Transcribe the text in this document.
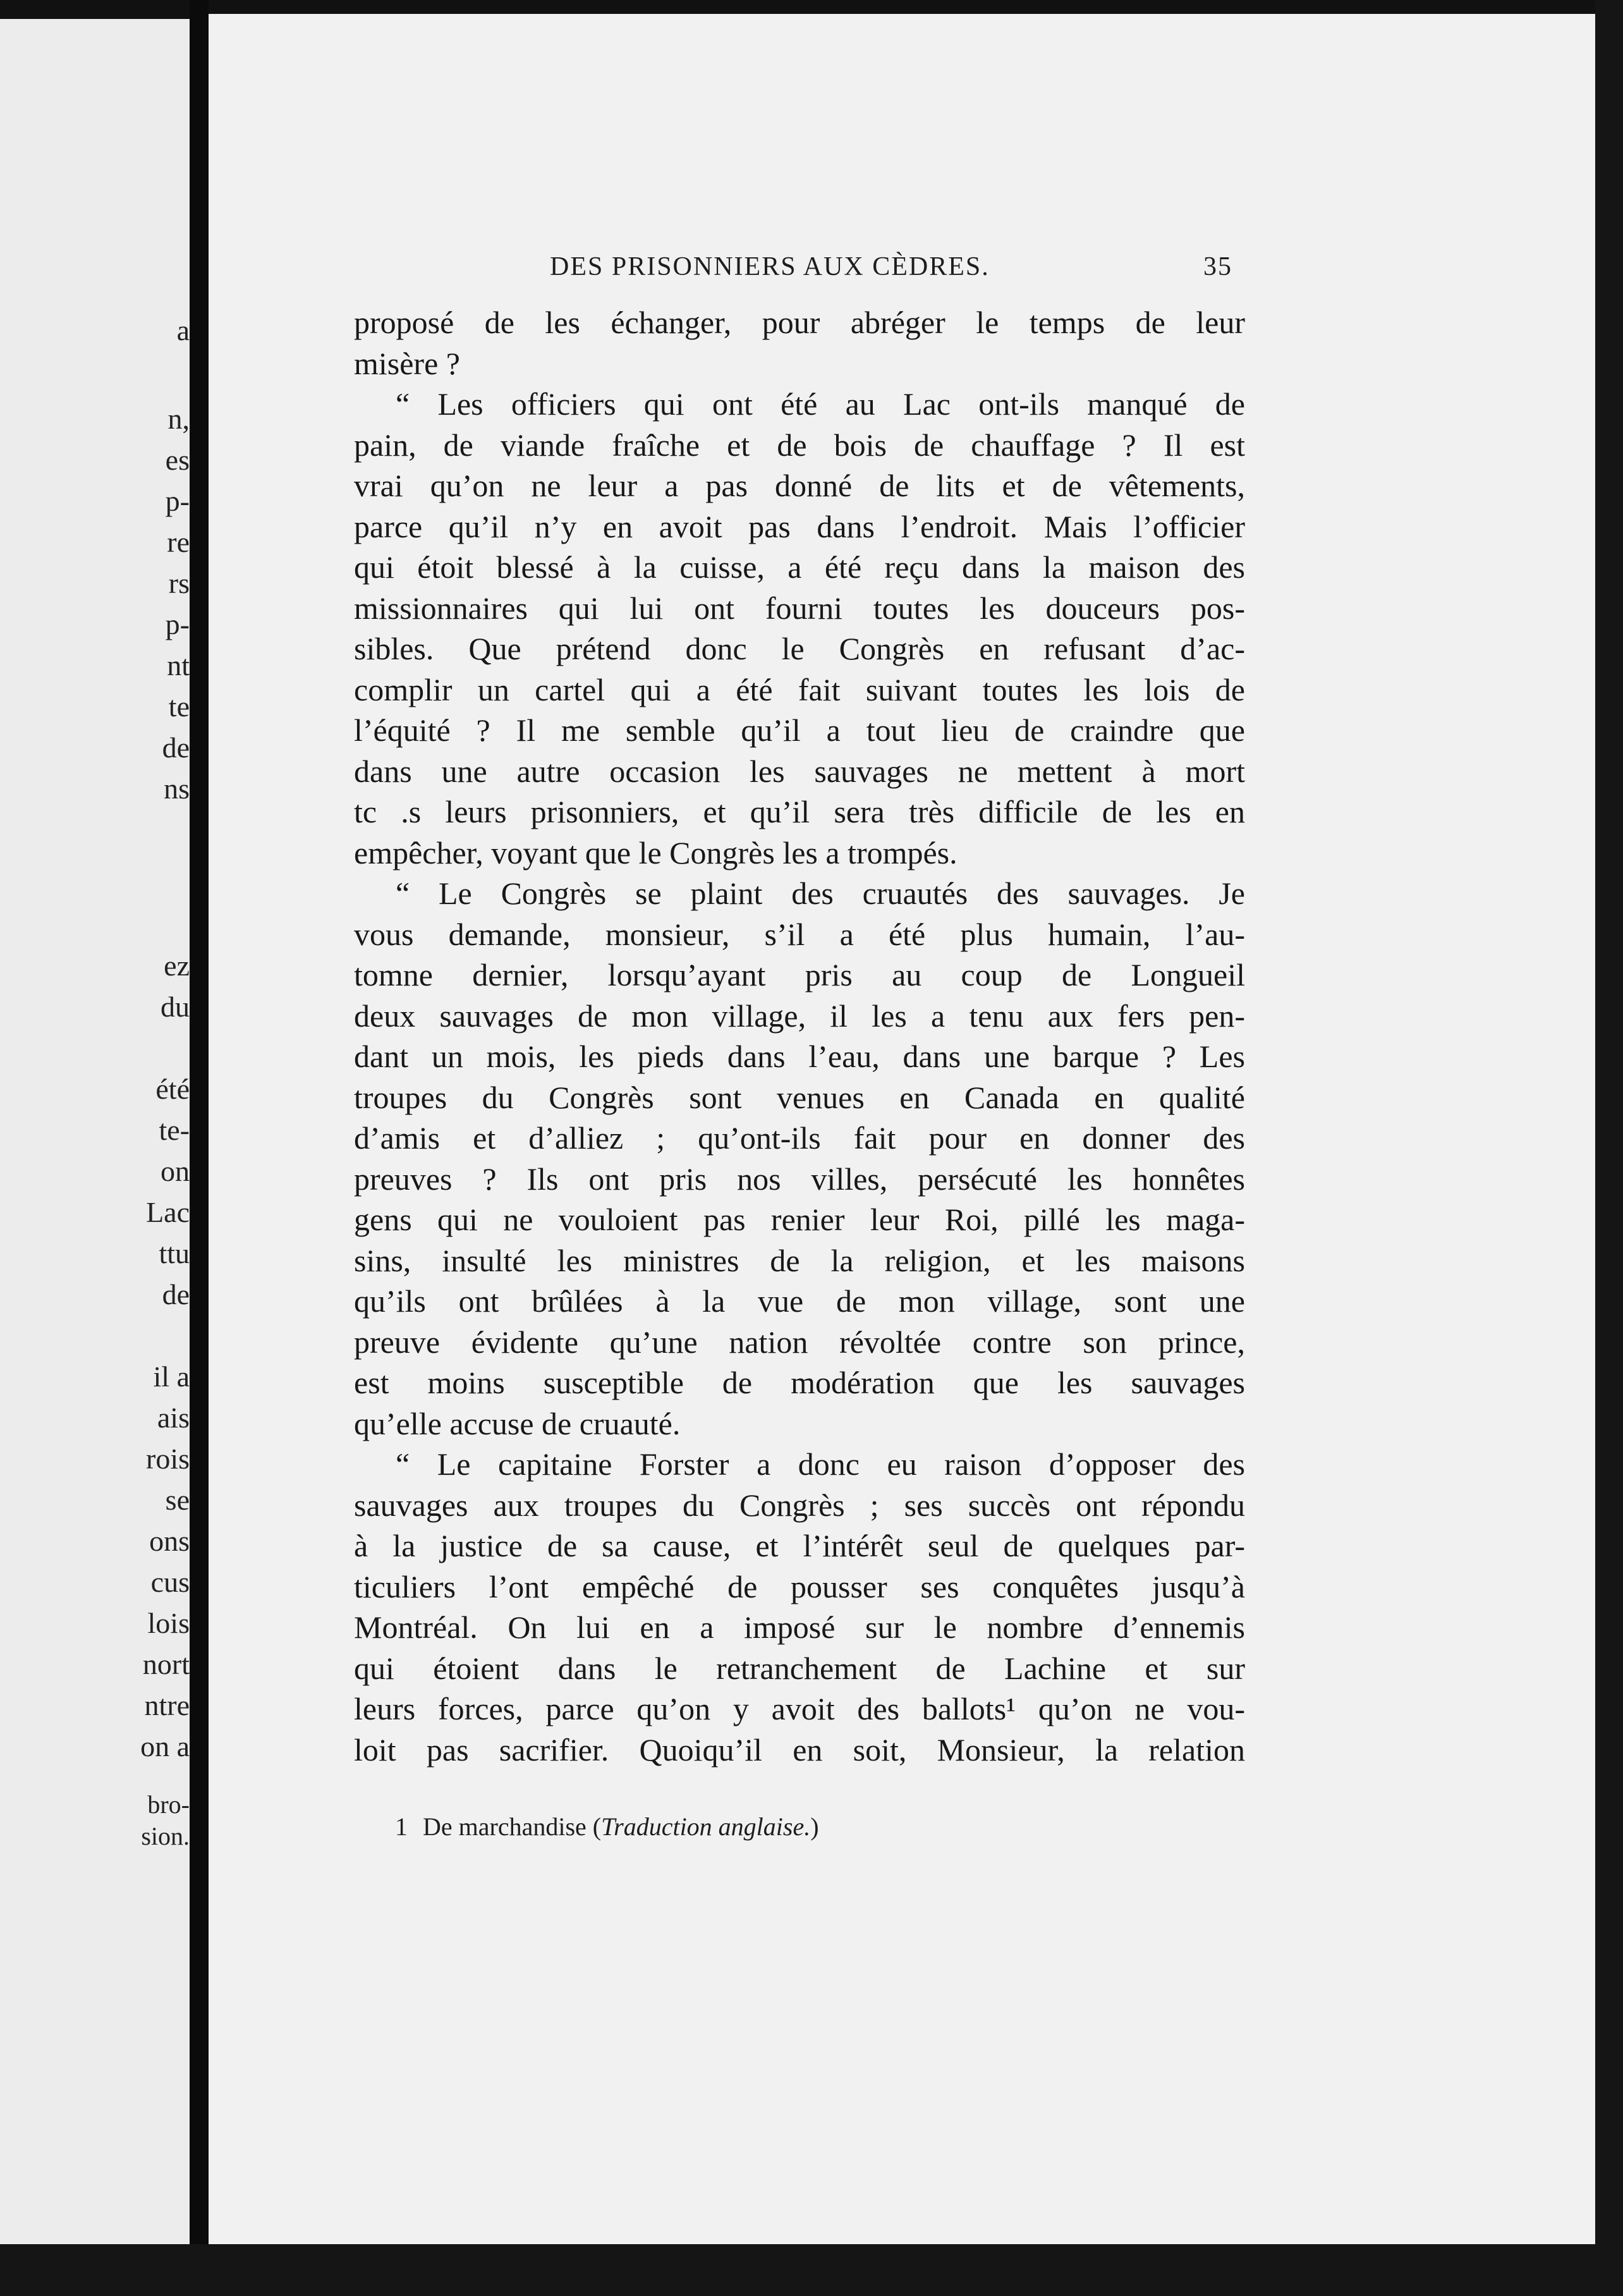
a
n,
es
p-
re
rs
p-
nt
te
de
ns
ez
du
été
te-
on
Lac
ttu
de
il a
ais
rois
se
ons
cus
lois
nort
ntre
on a
bro-
sion.
DES PRISONNIERS AUX CÈDRES.	35
proposé de les échanger, pour abréger le temps de leur
misère ?
“ Les officiers qui ont été au Lac ont-ils manqué de
pain, de viande fraîche et de bois de chauffage ? Il est
vrai qu’on ne leur a pas donné de lits et de vêtements,
parce qu’il n’y en avoit pas dans l’endroit. Mais l’officier
qui étoit blessé à la cuisse, a été reçu dans la maison des
missionnaires qui lui ont fourni toutes les douceurs pos-
sibles. Que prétend donc le Congrès en refusant d’ac-
complir un cartel qui a été fait suivant toutes les lois de
l’équité ? Il me semble qu’il a tout lieu de craindre que
dans une autre occasion les sauvages ne mettent à mort
tc .s leurs prisonniers, et qu’il sera très difficile de les en
empêcher, voyant que le Congrès les a trompés.
“ Le Congrès se plaint des cruautés des sauvages. Je
vous demande, monsieur, s’il a été plus humain, l’au-
tomne dernier, lorsqu’ayant pris au coup de Longueil
deux sauvages de mon village, il les a tenu aux fers pen-
dant un mois, les pieds dans l’eau, dans une barque ? Les
troupes du Congrès sont venues en Canada en qualité
d’amis et d’alliez ; qu’ont-ils fait pour en donner des
preuves ? Ils ont pris nos villes, persécuté les honnêtes
gens qui ne vouloient pas renier leur Roi, pillé les maga-
sins, insulté les ministres de la religion, et les maisons
qu’ils ont brûlées à la vue de mon village, sont une
preuve évidente qu’une nation révoltée contre son prince,
est moins susceptible de modération que les sauvages
qu’elle accuse de cruauté.
“ Le capitaine Forster a donc eu raison d’opposer des
sauvages aux troupes du Congrès ; ses succès ont répondu
à la justice de sa cause, et l’intérêt seul de quelques par-
ticuliers l’ont empêché de pousser ses conquêtes jusqu’à
Montréal. On lui en a imposé sur le nombre d’ennemis
qui étoient dans le retranchement de Lachine et sur
leurs forces, parce qu’on y avoit des ballots¹ qu’on ne vou-
loit pas sacrifier. Quoiqu’il en soit, Monsieur, la relation
1 De marchandise (Traduction anglaise.)
